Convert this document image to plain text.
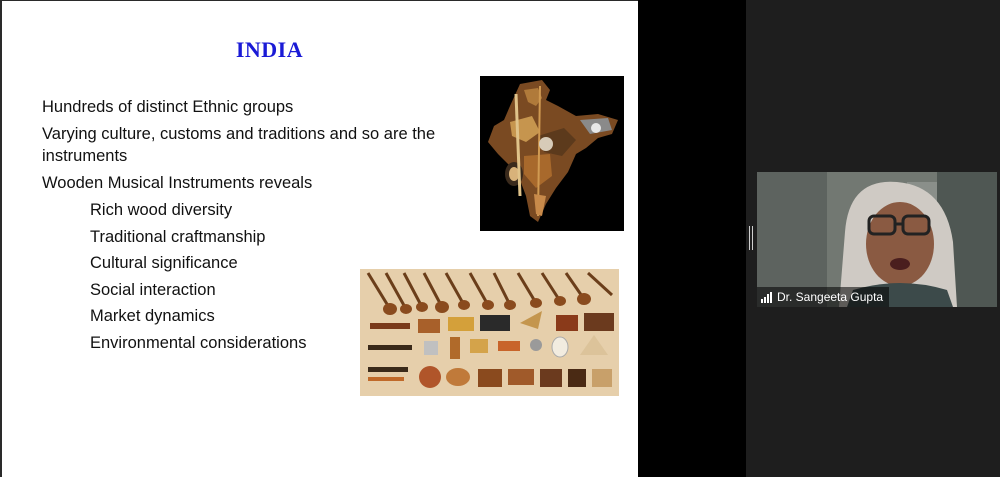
INDIA
Hundreds of distinct Ethnic groups
Varying culture, customs and traditions and so are the instruments
Wooden Musical Instruments reveals
Rich wood diversity
Traditional craftmanship
Cultural significance
Social interaction
Market dynamics
Environmental considerations
Dr. Sangeeta Gupta
